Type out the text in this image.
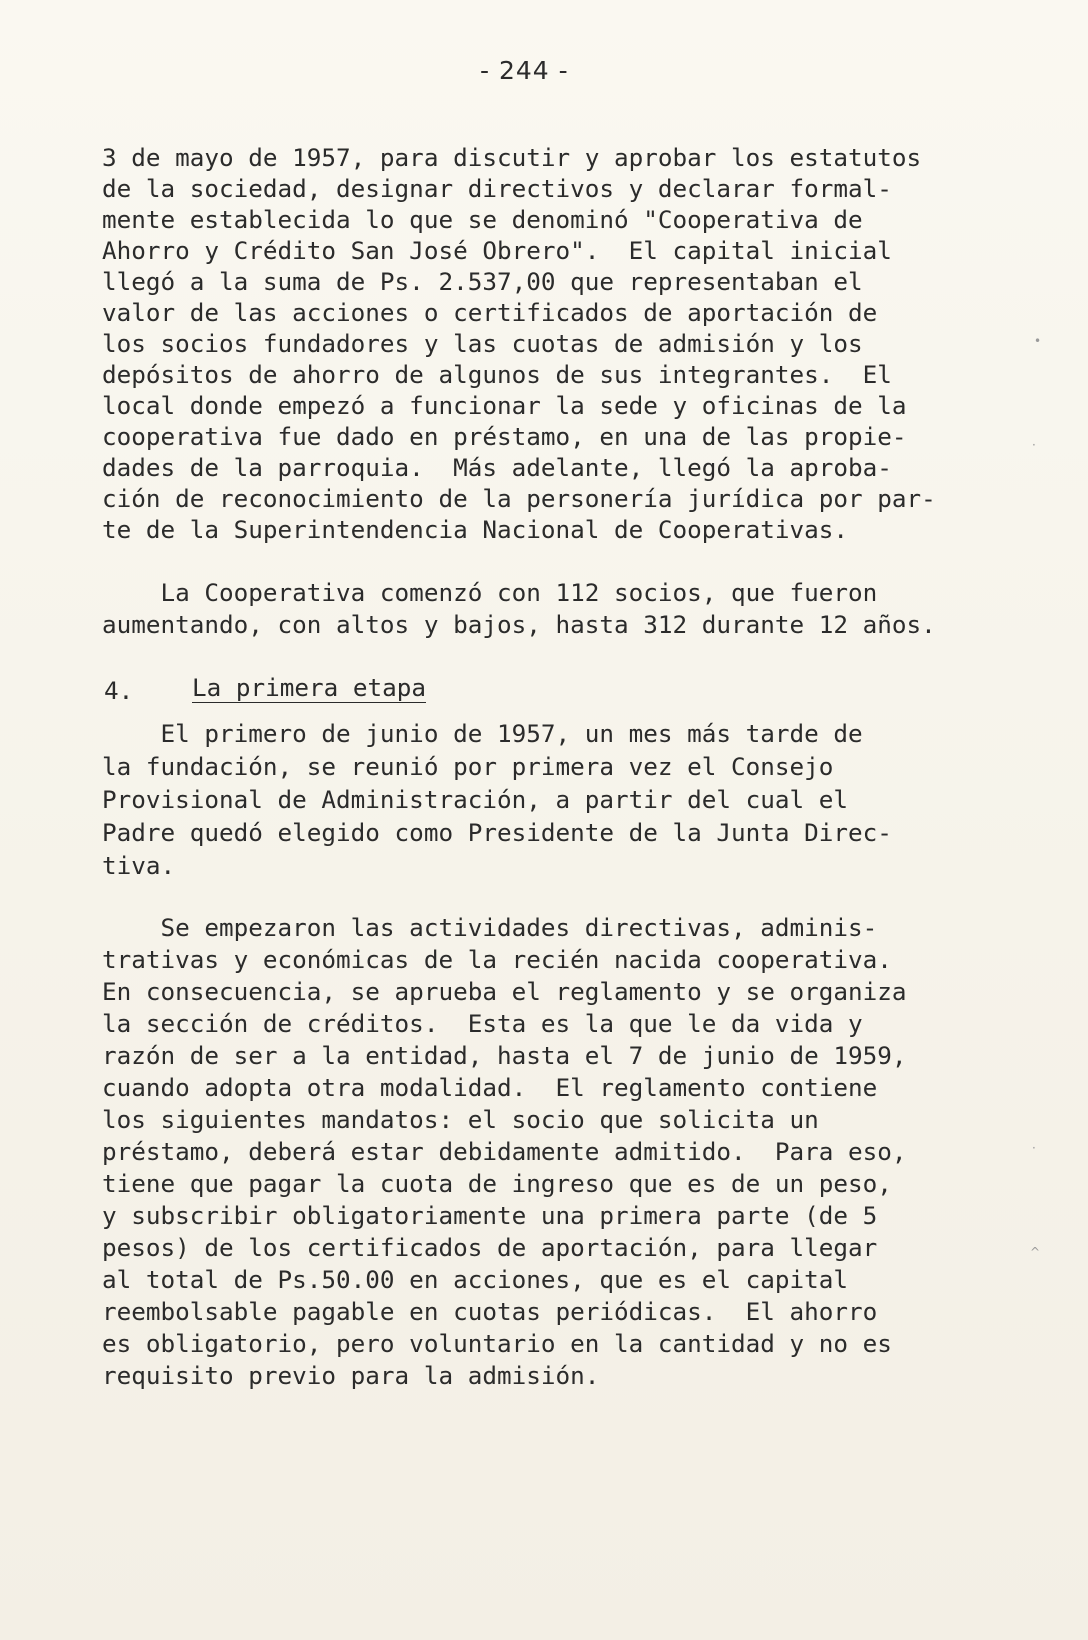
- 244 -

3 de mayo de 1957, para discutir y aprobar los estatutos

de la sociedad, designar directivos y declarar formal-

mente establecida lo que se denominó "Cooperativa de

Ahorro y Crédito San José Obrero".  El capital inicial

llegó a la suma de Ps. 2.537,00 que representaban el

valor de las acciones o certificados de aportación de

los socios fundadores y las cuotas de admisión y los

depósitos de ahorro de algunos de sus integrantes.  El

local donde empezó a funcionar la sede y oficinas de la

cooperativa fue dado en préstamo, en una de las propie-

dades de la parroquia.  Más adelante, llegó la aproba-

ción de reconocimiento de la personería jurídica por par-

te de la Superintendencia Nacional de Cooperativas.

La Cooperativa comenzó con 112 socios, que fueron

aumentando, con altos y bajos, hasta 312 durante 12 años.

4.

La primera etapa

El primero de junio de 1957, un mes más tarde de

la fundación, se reunió por primera vez el Consejo

Provisional de Administración, a partir del cual el

Padre quedó elegido como Presidente de la Junta Direc-

tiva.

Se empezaron las actividades directivas, adminis-

trativas y económicas de la recién nacida cooperativa.

En consecuencia, se aprueba el reglamento y se organiza

la sección de créditos.  Esta es la que le da vida y

razón de ser a la entidad, hasta el 7 de junio de 1959,

cuando adopta otra modalidad.  El reglamento contiene

los siguientes mandatos: el socio que solicita un

préstamo, deberá estar debidamente admitido.  Para eso,

tiene que pagar la cuota de ingreso que es de un peso,

y subscribir obligatoriamente una primera parte (de 5

pesos) de los certificados de aportación, para llegar

al total de Ps.50.00 en acciones, que es el capital

reembolsable pagable en cuotas periódicas.  El ahorro

es obligatorio, pero voluntario en la cantidad y no es

requisito previo para la admisión.

•
·
·
^
